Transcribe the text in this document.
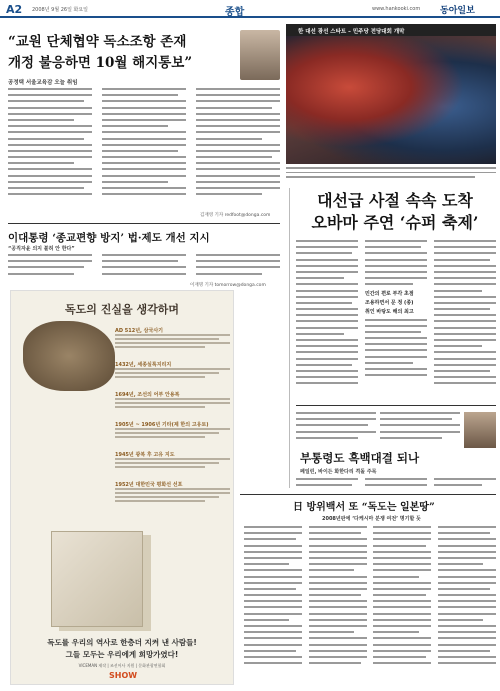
A2 2008년 9월 26일 화요일	종합	www.hankooki.com 동아일보
“교원 단체협약 독소조항 존재
개정 불응하면 10월 해지통보”
공정택 서울교육감 오늘 취임
김재영 기자 redfoot@donga.com
이대통령 ‘종교편향 방지’ 법·제도 개선 지시
“공직자윤 의지 불허 안 한다”
이재명 기자 tomorrow@donga.com
한 대선 광선 스타트 – 민주당 전당대회 개막
대선급 사절 속속 도착
오바마 주연 ‘슈퍼 축제’
민간의 편로 부각 초점
조용하면서 문 정 (종)
취인 바탕도 해의 최고
독도의 진실을 생각하며
AD 512년, 삼국사기
1432년, 세종실록지리지
1694년, 조선의 어부 안용복
1905년 ~ 1906년 기타(제 한의 고유토)
1945년 광복 후 고유 지도
1952년 대한민국 평화선 선포
독도를 우리의 역사로 한층더 지켜 낸 사람들!
그들 모두는 우리에게 희망가였다!
VICEMAN 제작 | 조선어사 지원 | 문화관광연합회
SHOW
부통령도 흑백대결 되나
페일린, 바이든 화한다리 격돌 주목
日 방위백서 또 “독도는 일본땅”
2008년판에 ‘다케시마 분쟁 여전’ 명기할 듯
